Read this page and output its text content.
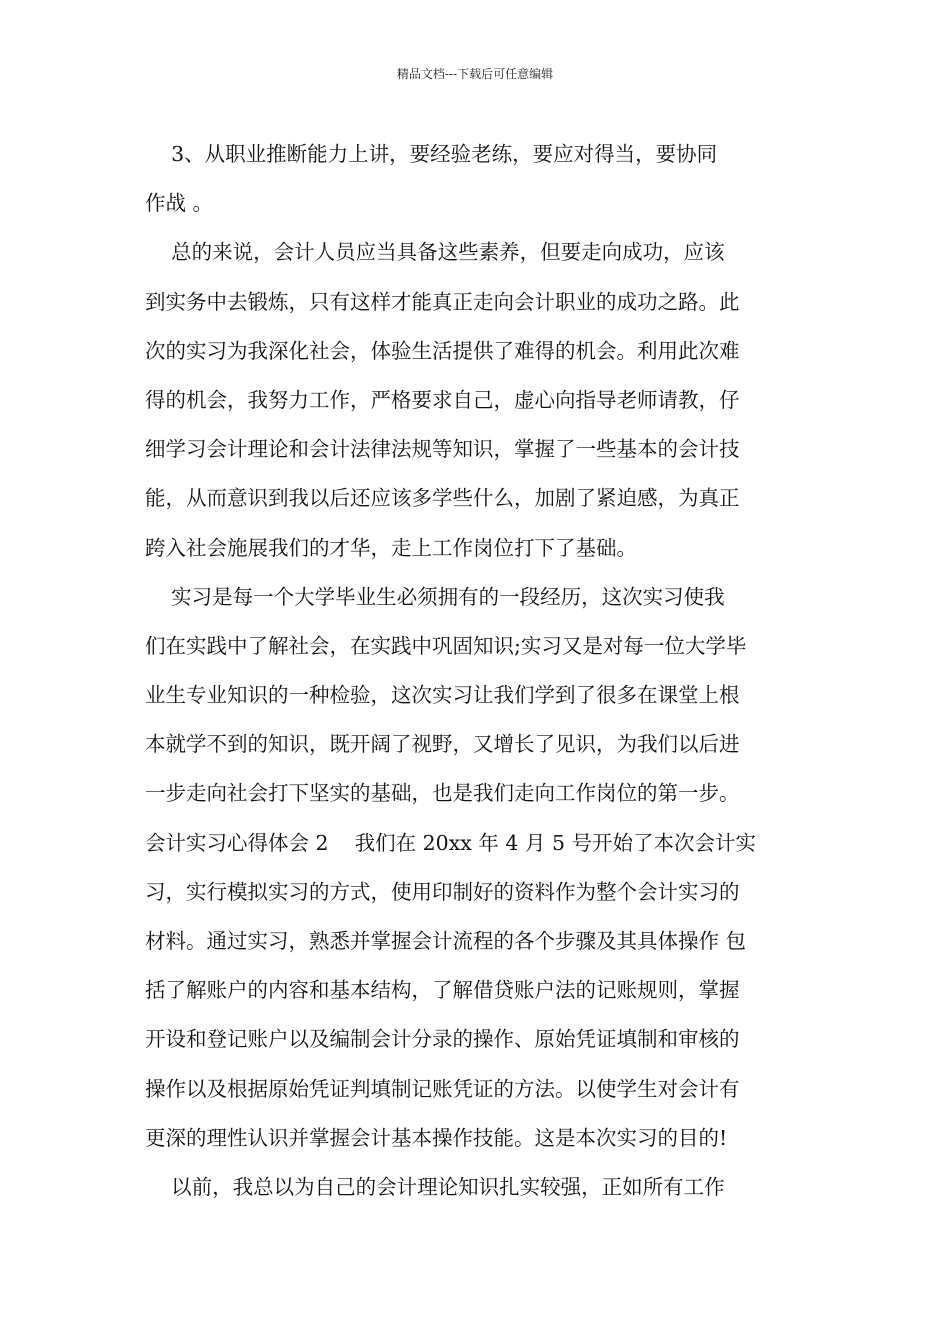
精品文档---下载后可任意编辑
3、从职业推断能力上讲，要经验老练，要应对得当，要协同
作战 。
总的来说，会计人员应当具备这些素养，但要走向成功，应该
到实务中去锻炼，只有这样才能真正走向会计职业的成功之路。此
次的实习为我深化社会，体验生活提供了难得的机会。利用此次难
得的机会，我努力工作，严格要求自己，虚心向指导老师请教，仔
细学习会计理论和会计法律法规等知识，掌握了一些基本的会计技
能，从而意识到我以后还应该多学些什么，加剧了紧迫感，为真正
跨入社会施展我们的才华，走上工作岗位打下了基础。
实习是每一个大学毕业生必须拥有的一段经历，这次实习使我
们在实践中了解社会，在实践中巩固知识;实习又是对每一位大学毕
业生专业知识的一种检验，这次实习让我们学到了很多在课堂上根
本就学不到的知识，既开阔了视野，又增长了见识，为我们以后进
一步走向社会打下坚实的基础，也是我们走向工作岗位的第一步。
会计实习心得体会 2    我们在 20xx 年 4 月 5 号开始了本次会计实
习，实行模拟实习的方式，使用印制好的资料作为整个会计实习的
材料。通过实习，熟悉并掌握会计流程的各个步骤及其具体操作 包
括了解账户的内容和基本结构，了解借贷账户法的记账规则，掌握
开设和登记账户以及编制会计分录的操作、原始凭证填制和审核的
操作以及根据原始凭证判填制记账凭证的方法。以使学生对会计有
更深的理性认识并掌握会计基本操作技能。这是本次实习的目的!
以前，我总以为自己的会计理论知识扎实较强，正如所有工作
